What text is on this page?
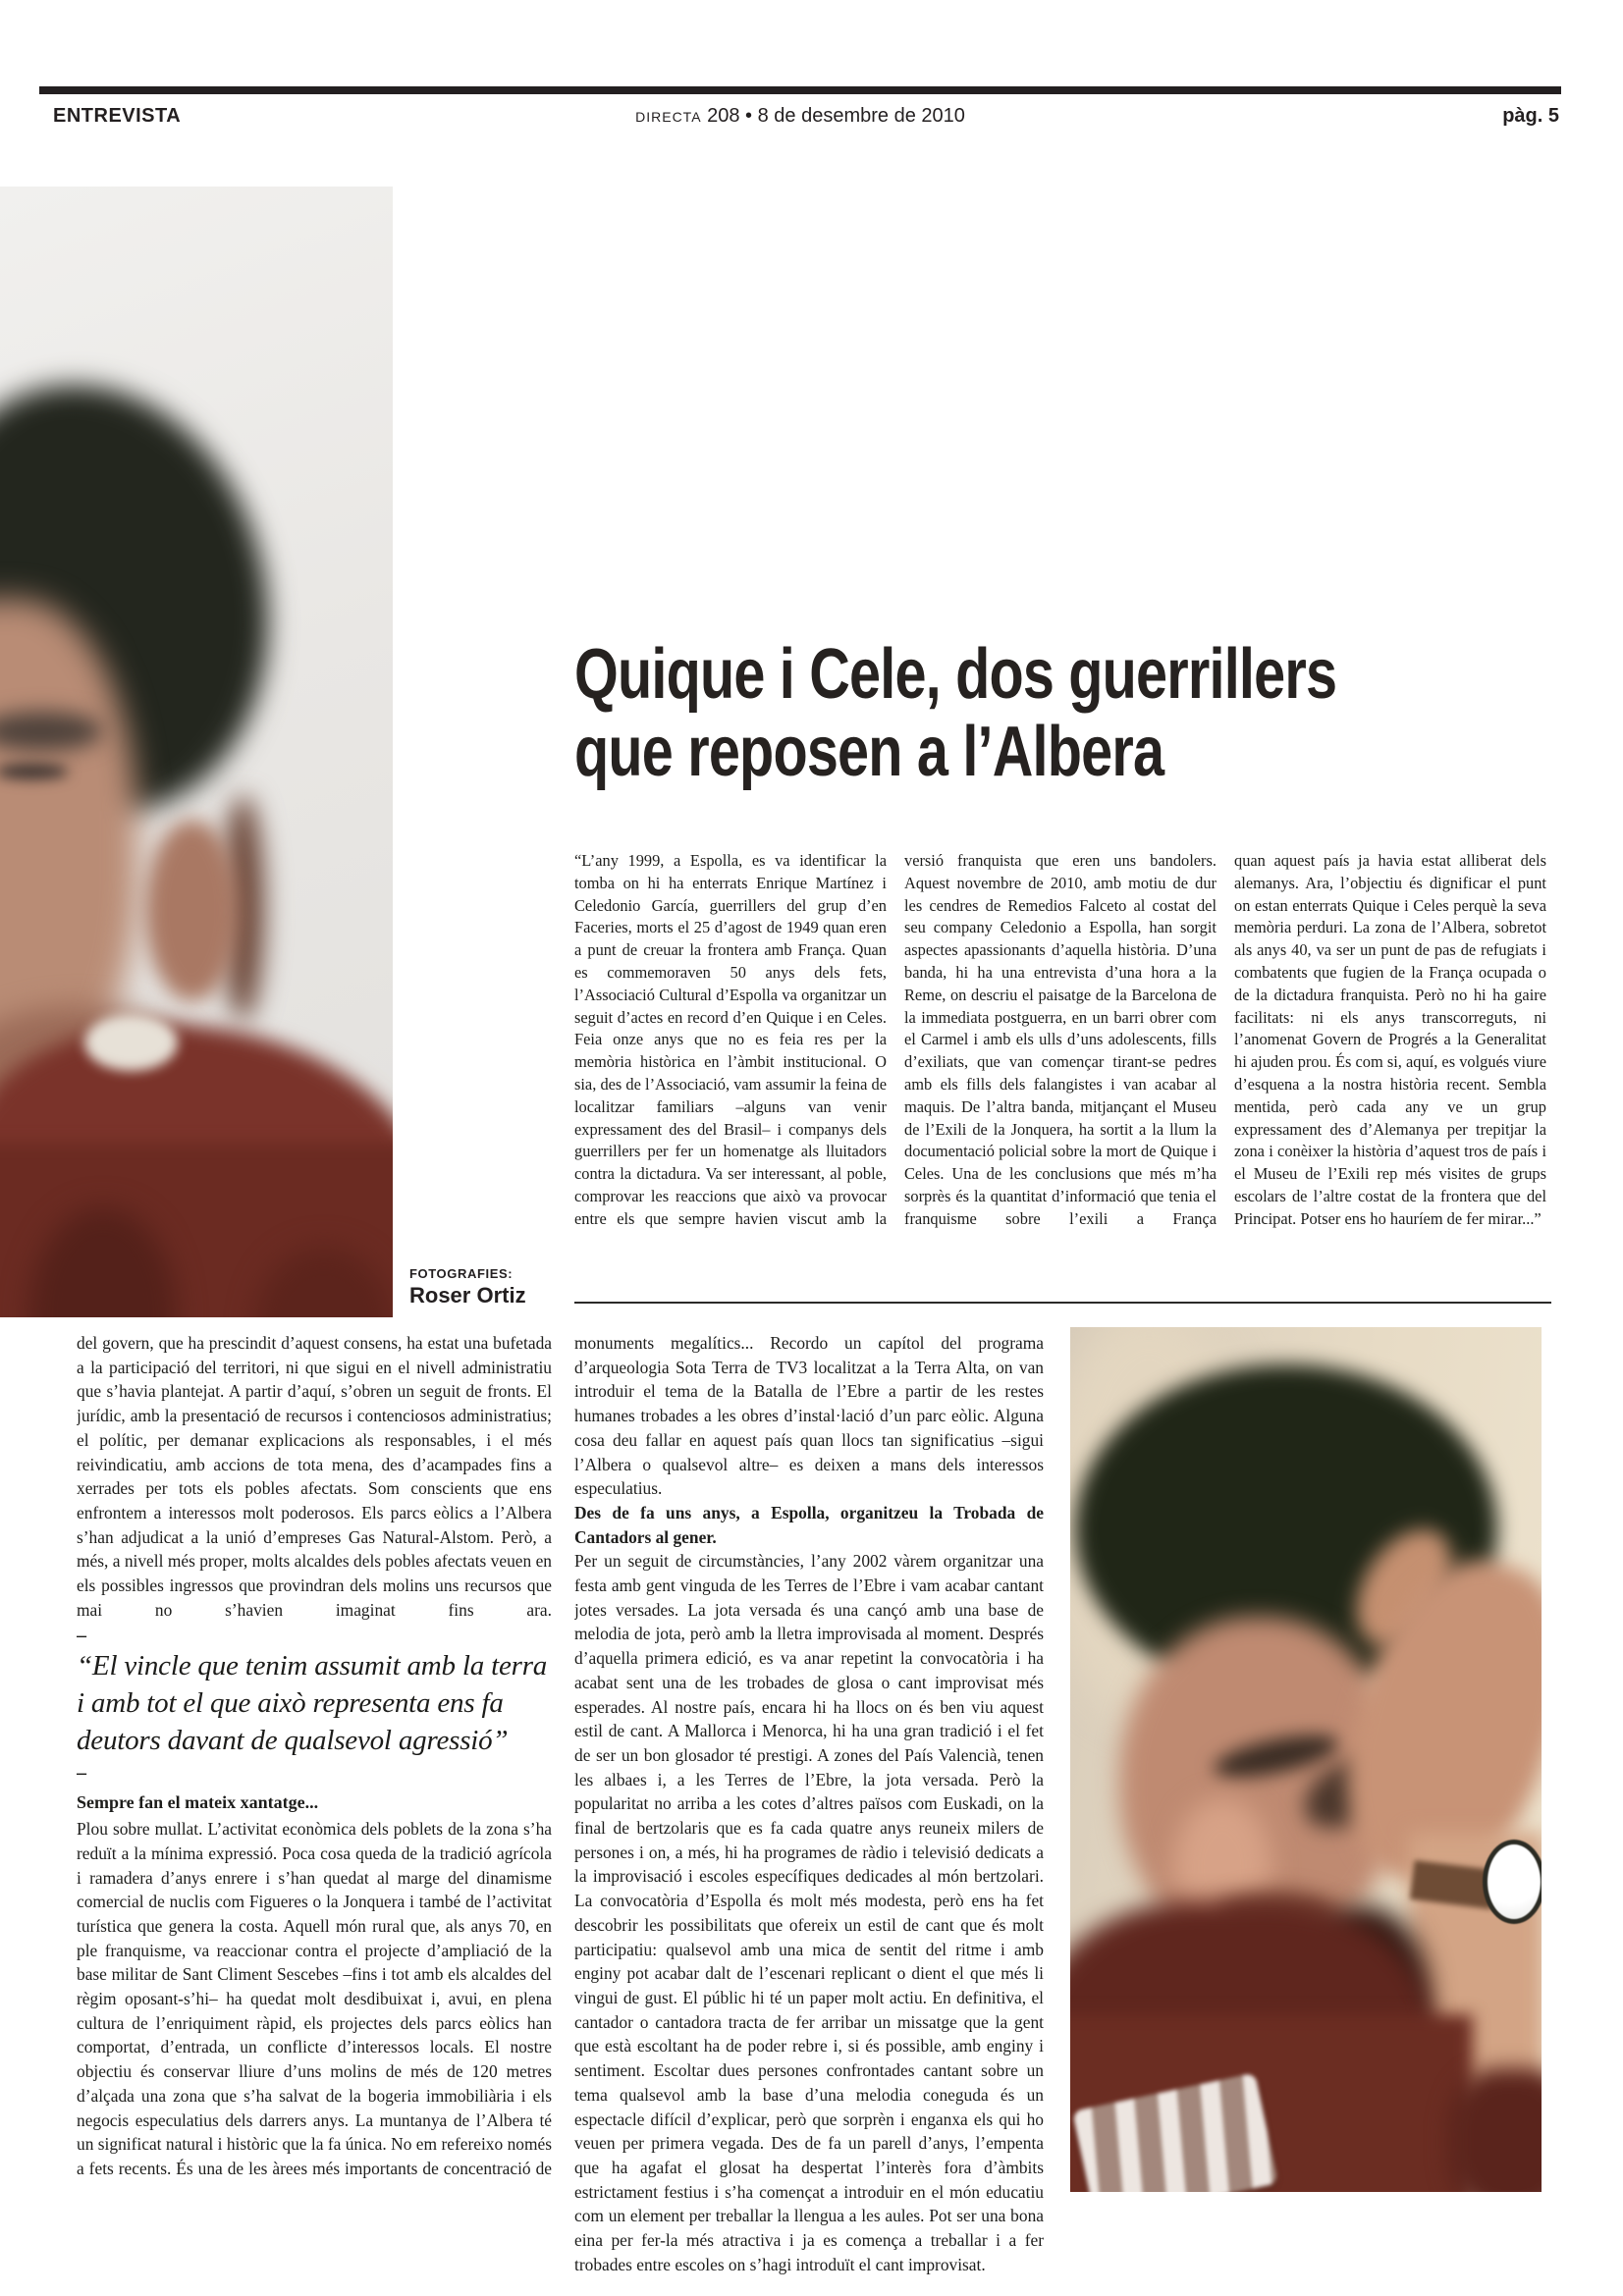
ENTREVISTA	DIRECTA 208 • 8 de desembre de 2010	pàg. 5
Quique i Cele, dos guerrillers
que reposen a l’Albera
“L’any 1999, a Espolla, es va identificar la tomba on hi ha enterrats Enrique Martínez i Celedonio García, guerrillers del grup d’en Faceries, morts el 25 d’agost de 1949 quan eren a punt de creuar la frontera amb França. Quan es commemoraven 50 anys dels fets, l’Associació Cultural d’Espolla va organitzar un seguit d’actes en record d’en Quique i en Celes. Feia onze anys que no es feia res per la memòria històrica en l’àmbit institucional. O sia, des de l’Associació, vam assumir la feina de localitzar familiars –alguns van venir expressament des del Brasil– i companys dels guerrillers per fer un homenatge als lluitadors contra la dictadura. Va ser interessant, al poble, comprovar les reaccions que això va provocar entre els que sempre havien viscut amb la
versió franquista que eren uns bandolers. Aquest novembre de 2010, amb motiu de dur les cendres de Remedios Falceto al costat del seu company Celedonio a Espolla, han sorgit aspectes apassionants d’aquella història. D’una banda, hi ha una entrevista d’una hora a la Reme, on descriu el paisatge de la Barcelona de la immediata postguerra, en un barri obrer com el Carmel i amb els ulls d’uns adolescents, fills d’exiliats, que van començar tirant-se pedres amb els fills dels falangistes i van acabar al maquis. De l’altra banda, mitjançant el Museu de l’Exili de la Jonquera, ha sortit a la llum la documentació policial sobre la mort de Quique i Celes. Una de les conclusions que més m’ha sorprès és la quantitat d’informació que tenia el franquisme sobre l’exili a França
quan aquest país ja havia estat alliberat dels alemanys. Ara, l’objectiu és dignificar el punt on estan enterrats Quique i Celes perquè la seva memòria perduri. La zona de l’Albera, sobretot als anys 40, va ser un punt de pas de refugiats i combatents que fugien de la França ocupada o de la dictadura franquista. Però no hi ha gaire facilitats: ni els anys transcorreguts, ni l’anomenat Govern de Progrés a la Generalitat hi ajuden prou. És com si, aquí, es volgués viure d’esquena a la nostra història recent. Sembla mentida, però cada any ve un grup expressament des d’Alemanya per trepitjar la zona i conèixer la història d’aquest tros de país i el Museu de l’Exili rep més visites de grups escolars de l’altre costat de la frontera que del Principat. Potser ens ho hauríem de fer mirar...”
FOTOGRAFIES:
Roser Ortiz
del govern, que ha prescindit d’aquest consens, ha estat una bufetada a la participació del territori, ni que sigui en el nivell administratiu que s’havia plantejat. A partir d’aquí, s’obren un seguit de fronts. El jurídic, amb la presentació de recursos i contenciosos administratius; el polític, per demanar explicacions als responsables, i el més reivindicatiu, amb accions de tota mena, des d’acampades fins a xerrades per tots els pobles afectats. Som conscients que ens enfrontem a interessos molt poderosos. Els parcs eòlics a l’Albera s’han adjudicat a la unió d’empreses Gas Natural-Alstom. Però, a més, a nivell més proper, molts alcaldes dels pobles afectats veuen en els possibles ingressos que provindran dels molins uns recursos que mai no s’havien imaginat fins ara.
–
“El vincle que tenim assumit amb la terra i amb tot el que això representa ens fa deutors davant de qualsevol agressió”
–
Sempre fan el mateix xantatge...
Plou sobre mullat. L’activitat econòmica dels poblets de la zona s’ha reduït a la mínima expressió. Poca cosa queda de la tradició agrícola i ramadera d’anys enrere i s’han quedat al marge del dinamisme comercial de nuclis com Figueres o la Jonquera i també de l’activitat turística que genera la costa. Aquell món rural que, als anys 70, en ple franquisme, va reaccionar contra el projecte d’ampliació de la base militar de Sant Climent Sescebes –fins i tot amb els alcaldes del règim oposant-s’hi– ha quedat molt desdibuixat i, avui, en plena cultura de l’enriquiment ràpid, els projectes dels parcs eòlics han comportat, d’entrada, un conflicte d’interessos locals. El nostre objectiu és conservar lliure d’uns molins de més de 120 metres d’alçada una zona que s’ha salvat de la bogeria immobiliària i els negocis especulatius dels darrers anys. La muntanya de l’Albera té un significat natural i històric que la fa única. No em refereixo només a fets recents. És una de les àrees més importants de concentració de
monuments megalítics... Recordo un capítol del programa d’arqueologia Sota Terra de TV3 localitzat a la Terra Alta, on van introduir el tema de la Batalla de l’Ebre a partir de les restes humanes trobades a les obres d’instal·lació d’un parc eòlic. Alguna cosa deu fallar en aquest país quan llocs tan significatius –sigui l’Albera o qualsevol altre– es deixen a mans dels interessos especulatius.
Des de fa uns anys, a Espolla, organitzeu la Trobada de Cantadors al gener.
Per un seguit de circumstàncies, l’any 2002 vàrem organitzar una festa amb gent vinguda de les Terres de l’Ebre i vam acabar cantant jotes versades. La jota versada és una cançó amb una base de melodia de jota, però amb la lletra improvisada al moment. Després d’aquella primera edició, es va anar repetint la convocatòria i ha acabat sent una de les trobades de glosa o cant improvisat més esperades. Al nostre país, encara hi ha llocs on és ben viu aquest estil de cant. A Mallorca i Menorca, hi ha una gran tradició i el fet de ser un bon glosador té prestigi. A zones del País Valencià, tenen les albaes i, a les Terres de l’Ebre, la jota versada. Però la popularitat no arriba a les cotes d’altres països com Euskadi, on la final de bertzolaris que es fa cada quatre anys reuneix milers de persones i on, a més, hi ha programes de ràdio i televisió dedicats a la improvisació i escoles específiques dedicades al món bertzolari. La convocatòria d’Espolla és molt més modesta, però ens ha fet descobrir les possibilitats que ofereix un estil de cant que és molt participatiu: qualsevol amb una mica de sentit del ritme i amb enginy pot acabar dalt de l’escenari replicant o dient el que més li vingui de gust. El públic hi té un paper molt actiu. En definitiva, el cantador o cantadora tracta de fer arribar un missatge que la gent que està escoltant ha de poder rebre i, si és possible, amb enginy i sentiment. Escoltar dues persones confrontades cantant sobre un tema qualsevol amb la base d’una melodia coneguda és un espectacle difícil d’explicar, però que sorprèn i enganxa els qui ho veuen per primera vegada. Des de fa un parell d’anys, l’empenta que ha agafat el glosat ha despertat l’interès fora d’àmbits estrictament festius i s’ha començat a introduir en el món educatiu com un element per treballar la llengua a les aules. Pot ser una bona eina per fer-la més atractiva i ja es comença a treballar i a fer trobades entre escoles on s’hagi introduït el cant improvisat.
